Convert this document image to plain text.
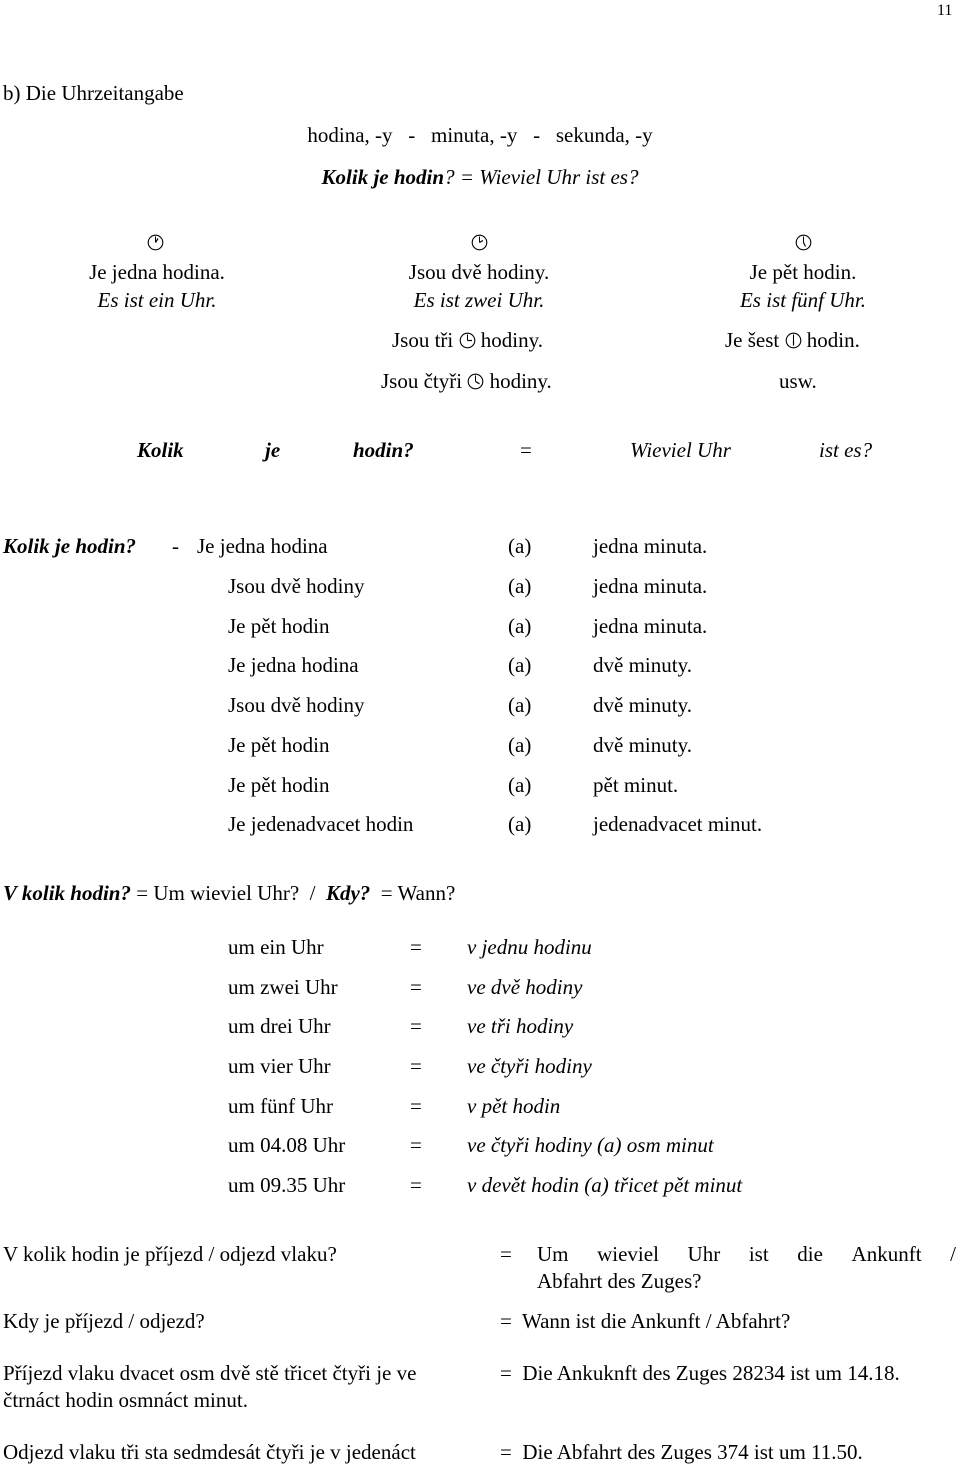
11
b) Die Uhrzeitangabe
hodina, -y   -   minuta, -y   -   sekunda, -y
Kolik je hodin? = Wieviel Uhr ist es?
Je jedna hodina.
Es ist ein Uhr.
Jsou dvě hodiny.
Es ist zwei Uhr.
Je pět hodin.
Es ist fünf Uhr.
Jsou tři hodiny.	Je šest hodin.
Jsou čtyři hodiny.	usw.
Kolik	je	hodin?	=	Wieviel Uhr	ist es?
Kolik je hodin? - Je jedna hodina	(a)	jedna minuta.
Jsou dvě hodiny	(a)	jedna minuta.
Je pět hodin	(a)	jedna minuta.
Je jedna hodina	(a)	dvě minuty.
Jsou dvě hodiny	(a)	dvě minuty.
Je pět hodin	(a)	dvě minuty.
Je pět hodin	(a)	pět minut.
Je jedenadvacet hodin	(a)	jedenadvacet minut.
V kolik hodin? = Um wieviel Uhr?  /  Kdy?  = Wann?
um ein Uhr	= v jednu hodinu
um zwei Uhr	= ve dvě hodiny
um drei Uhr	= ve tři hodiny
um vier Uhr	= ve čtyři hodiny
um fünf Uhr	= v pět hodin
um 04.08 Uhr	= ve čtyři hodiny (a) osm minut
um 09.35 Uhr	= v devět hodin (a) třicet pět minut
V kolik hodin je příjezd / odjezd vlaku?	= Um wieviel Uhr ist die Ankunft /
Abfahrt des Zuges?
Kdy je příjezd / odjezd?	=  Wann ist die Ankunft / Abfahrt?
Příjezd vlaku dvacet osm dvě stě třicet čtyři je ve
čtrnáct hodin osmnáct minut.
=  Die Ankuknft des Zuges 28234 ist um 14.18.
Odjezd vlaku tři sta sedmdesát čtyři je v jedenáct	=  Die Abfahrt des Zuges 374 ist um 11.50.
